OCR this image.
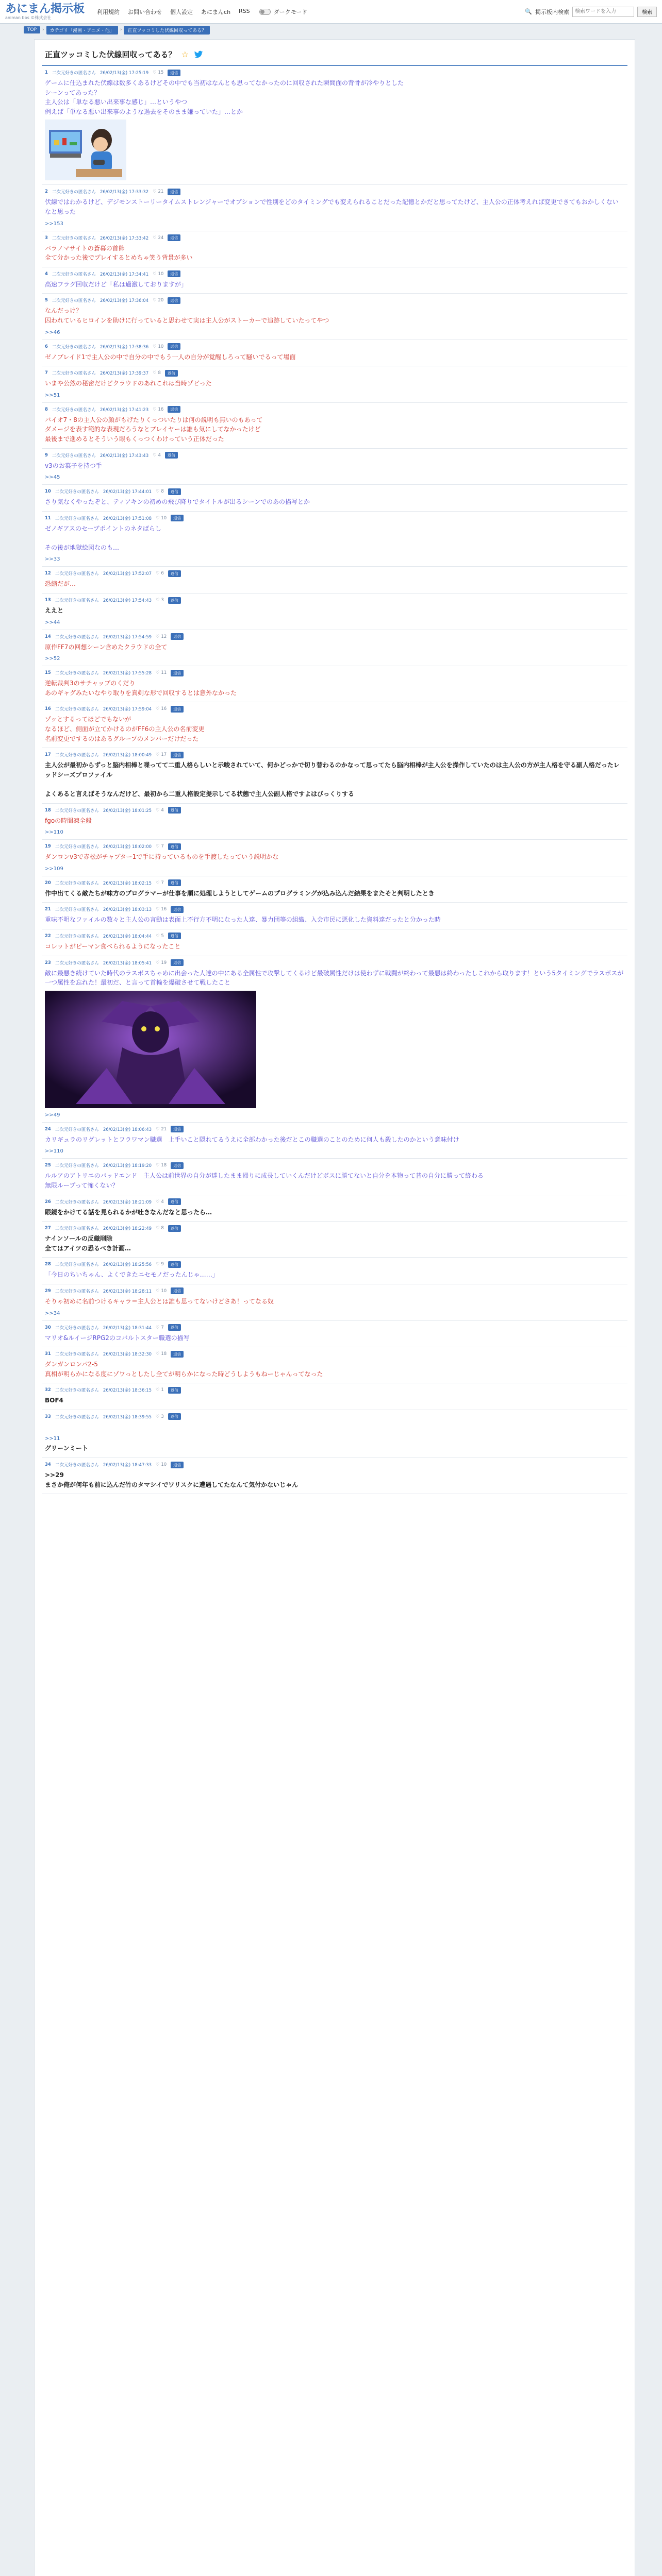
あにまん掲示板
animan bbs ©株式会社
利用規約 お問い合わせ 個人設定 あにまんch RSS	ダークモード	🔍 掲示板内検索
検索ワードを入力	検索
TOP	›	カテゴリ「漫画・アニメ・他」	›	正直ツッコミした伏線回収ってある？
正直ツッコミした伏線回収ってある？ ☆
1 二次元好きの匿名さん 26/02/13(金) 17:25:19 ♡ 15	返信
ゲームに仕込まれた伏線は数多くあるけどその中でも当初はなんとも思ってなかったのに回収された瞬間面の背骨が冷やりとした
シーンってあった？
主人公は「単なる悪い出来事な感じ」…というやつ
例えば「単なる悪い出来事のような過去をそのまま嫌っていた」…とか
2 二次元好きの匿名さん 26/02/13(金) 17:33:32 ♡ 21	返信
伏線ではわかるけど、デジモンストーリータイムストレンジャーでオプションで性別をどのタイミングでも変えられることだった記憶とかだと思ってたけど、主人公の正体考えれば変更できてもおかしくないなと思った
>>153
3 二次元好きの匿名さん 26/02/13(金) 17:33:42 ♡ 24	返信
パラノマサイトの蒼幕の首飾
全て分かった後でプレイするとめちゃ笑う背景が多い
4 二次元好きの匿名さん 26/02/13(金) 17:34:41 ♡ 10	返信
高速フラグ回収だけど「私は過激しておりますが」
5 二次元好きの匿名さん 26/02/13(金) 17:36:04 ♡ 20	返信
なんだっけ？
囚われているヒロインを助けに行っていると思わせて実は主人公がストーカーで追跡していたってやつ
>>46
6 二次元好きの匿名さん 26/02/13(金) 17:38:36 ♡ 10	返信
ゼノブレイド1で主人公の中で自分の中でもう一人の自分が覚醒しろって騒いでるって場面
7 二次元好きの匿名さん 26/02/13(金) 17:39:37 ♡ 8	返信
いまや公然の秘密だけどクラウドのあれこれは当時ゾビった
>>51
8 二次元好きの匿名さん 26/02/13(金) 17:41:23 ♡ 16	返信
バイオ7・8の主人公の顔がもげたりくっついたりは何の説明も無いのもあって
ダメージを表す範的な表現だろうなとプレイヤーは誰も気にしてなかったけど
最後まで進めるとそういう眼もくっつくわけっていう正体だった
9 二次元好きの匿名さん 26/02/13(金) 17:43:43 ♡ 4	返信
v3のお菓子を持つ手
>>45
10 二次元好きの匿名さん 26/02/13(金) 17:44:01 ♡ 8	返信
さり気なくやったぞと、ティアキンの初めの飛び降りでタイトルが出るシーンでのあの描写とか
11 二次元好きの匿名さん 26/02/13(金) 17:51:08 ♡ 10	返信
ゼノギアスのセーブポイントのネタばらし

その後が地獄絵図なのも…
>>33
12 二次元好きの匿名さん 26/02/13(金) 17:52:07 ♡ 6	返信
恐縮だが…
13 二次元好きの匿名さん 26/02/13(金) 17:54:43 ♡ 3	返信
ええと
>>44
14 二次元好きの匿名さん 26/02/13(金) 17:54:59 ♡ 12	返信
原作FF7の回想シーン含めたクラウドの全て
>>52
15 二次元好きの匿名さん 26/02/13(金) 17:55:28 ♡ 11	返信
逆転裁判3のサチャップのくだり
あのギャグみたいなやり取りを真剣な形で回収するとは意外なかった
16 二次元好きの匿名さん 26/02/13(金) 17:59:04 ♡ 16	返信
ゾッとするってほどでもないが
なるほど、側面が立てかけるのがFF6の主人公の名前変更
名前変更でするのはあるグループのメンバーだけだった
17 二次元好きの匿名さん 26/02/13(金) 18:00:49 ♡ 17	返信
主人公が最初からずっと脳内相棒と喋ってて二重人格らしいと示唆されていて、何かどっかで切り替わるのかなって思ってたら脳内相棒が主人公を操作していたのは主人公の方が主人格を守る副人格だったレッドシーズプロファイル

よくあると言えばそうなんだけど、最初から二重人格設定提示してる状態で主人公副人格ですよはびっくりする
18 二次元好きの匿名さん 26/02/13(金) 18:01:25 ♡ 4	返信
fgoの時間凍全般
>>110
19 二次元好きの匿名さん 26/02/13(金) 18:02:00 ♡ 7	返信
ダンロンv3で赤松がチャプター1で手に持っているものを手渡したっていう説明かな
>>109
20 二次元好きの匿名さん 26/02/13(金) 18:02:15 ♡ 7	返信
作中出てくる敵たちが味方のプログラマーが仕事を順に処理しようとしてゲームのプログラミングが込み込んだ結果をまたそと判明したとき
21 二次元好きの匿名さん 26/02/13(金) 18:03:13 ♡ 16	返信
重味不明なファイルの数々と主人公の言動は表面上不行方不明になった人達、暴力団等の組織、入会市民に悪化した資料達だったと分かった時
22 二次元好きの匿名さん 26/02/13(金) 18:04:44 ♡ 5	返信
コレットがピーマン食べられるようになったこと
23 二次元好きの匿名さん 26/02/13(金) 18:05:41 ♡ 19	返信
敵に最悪き続けていた時代のラスボスちゃめに出会った人達の中にある全属性で攻撃してくるけど最破属性だけは使わずに戦闘が終わって最悪は終わったしこれから取ります！という5タイミングでラスボスが一つ属性を忘れた！最初だ、と言って首輪を爆破させて戦したこと
>>49
24 二次元好きの匿名さん 26/02/13(金) 18:06:43 ♡ 21	返信
カリギュラのリグレットとフラワマン職選　上手いこと隠れてるうえに全部わかった後だとこの職選のことのために何人も殺したのかという意味付け
>>110
25 二次元好きの匿名さん 26/02/13(金) 18:19:20 ♡ 18	返信
ルルアのアトリエのパッドエンド　主人公は前世界の自分が達したまま帰りに成長していくんだけどボスに勝てないと自分を本物って昔の自分に勝って終わる
無限ループって怖くない？
26 二次元好きの匿名さん 26/02/13(金) 18:21:09 ♡ 4	返信
眼鏡をかけてる話を見られるかが吐きなんだなと思ったら…
27 二次元好きの匿名さん 26/02/13(金) 18:22:49 ♡ 8	返信
ナインソールの反織削除
全てはアイツの恐るべき計画…
28 二次元好きの匿名さん 26/02/13(金) 18:25:56 ♡ 9	返信
「今日のちいちゃん、よくできたニセモノだったんじゃ……」
29 二次元好きの匿名さん 26/02/13(金) 18:28:11 ♡ 10	返信
そりゃ初めに名前つけるキャラ＝主人公とは誰も思ってないけどさあ！ってなる奴
>>34
30 二次元好きの匿名さん 26/02/13(金) 18:31:44 ♡ 7	返信
マリオ&ルイージRPG2のコバルトスター職選の描写
31 二次元好きの匿名さん 26/02/13(金) 18:32:30 ♡ 18	返信
ダンガンロンパ2-5
真相が明らかになる度にゾワっとしたし全てが明らかになった時どうしようもねーじゃんってなった
32 二次元好きの匿名さん 26/02/13(金) 18:36:15 ♡ 1	返信
BOF4
33 二次元好きの匿名さん 26/02/13(金) 18:39:55 ♡ 3	返信

>>11
グリーンミート
34 二次元好きの匿名さん 26/02/13(金) 18:47:33 ♡ 10	返信
>>29
まさか俺が何年も前に込んだ竹のタマシイでワリスクに遭遇してたなんて気付かないじゃん
